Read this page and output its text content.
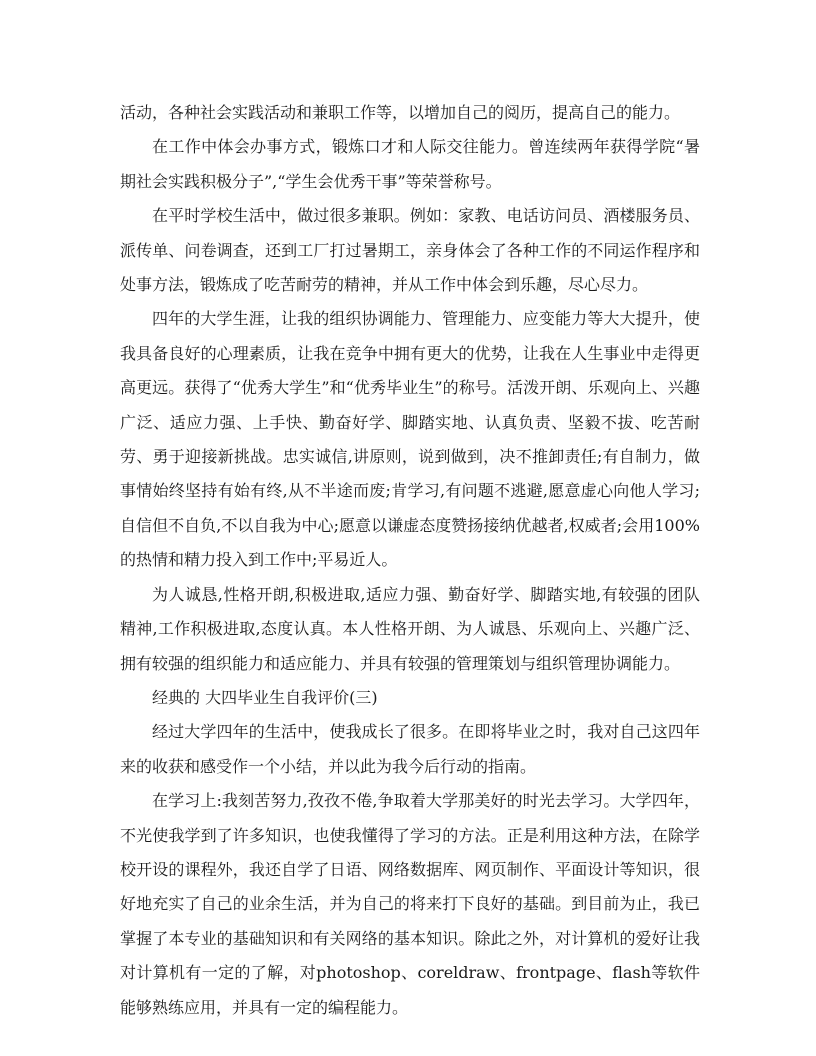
活动，各种社会实践活动和兼职工作等，以增加自己的阅历，提高自己的能力。

在工作中体会办事方式，锻炼口才和人际交往能力。曾连续两年获得学院“暑期社会实践积极分子”,“学生会优秀干事”等荣誉称号。

在平时学校生活中，做过很多兼职。例如：家教、电话访问员、酒楼服务员、派传单、问卷调查，还到工厂打过暑期工，亲身体会了各种工作的不同运作程序和处事方法，锻炼成了吃苦耐劳的精神，并从工作中体会到乐趣，尽心尽力。

四年的大学生涯，让我的组织协调能力、管理能力、应变能力等大大提升，使我具备良好的心理素质，让我在竞争中拥有更大的优势，让我在人生事业中走得更高更远。获得了“优秀大学生”和“优秀毕业生”的称号。活泼开朗、乐观向上、兴趣广泛、适应力强、上手快、勤奋好学、脚踏实地、认真负责、坚毅不拔、吃苦耐劳、勇于迎接新挑战。忠实诚信,讲原则，说到做到，决不推卸责任;有自制力，做事情始终坚持有始有终,从不半途而废;肯学习,有问题不逃避,愿意虚心向他人学习;自信但不自负,不以自我为中心;愿意以谦虚态度赞扬接纳优越者,权威者;会用100%的热情和精力投入到工作中;平易近人。

为人诚恳,性格开朗,积极进取,适应力强、勤奋好学、脚踏实地,有较强的团队精神,工作积极进取,态度认真。本人性格开朗、为人诚恳、乐观向上、兴趣广泛、拥有较强的组织能力和适应能力、并具有较强的管理策划与组织管理协调能力。

经典的 大四毕业生自我评价(三)

经过大学四年的生活中，使我成长了很多。在即将毕业之时，我对自己这四年来的收获和感受作一个小结，并以此为我今后行动的指南。

在学习上:我刻苦努力,孜孜不倦,争取着大学那美好的时光去学习。大学四年，不光使我学到了许多知识，也使我懂得了学习的方法。正是利用这种方法，在除学校开设的课程外，我还自学了日语、网络数据库、网页制作、平面设计等知识，很好地充实了自己的业余生活，并为自己的将来打下良好的基础。到目前为止，我已掌握了本专业的基础知识和有关网络的基本知识。除此之外，对计算机的爱好让我对计算机有一定的了解，对photoshop、coreldraw、frontpage、flash等软件能够熟练应用，并具有一定的编程能力。
